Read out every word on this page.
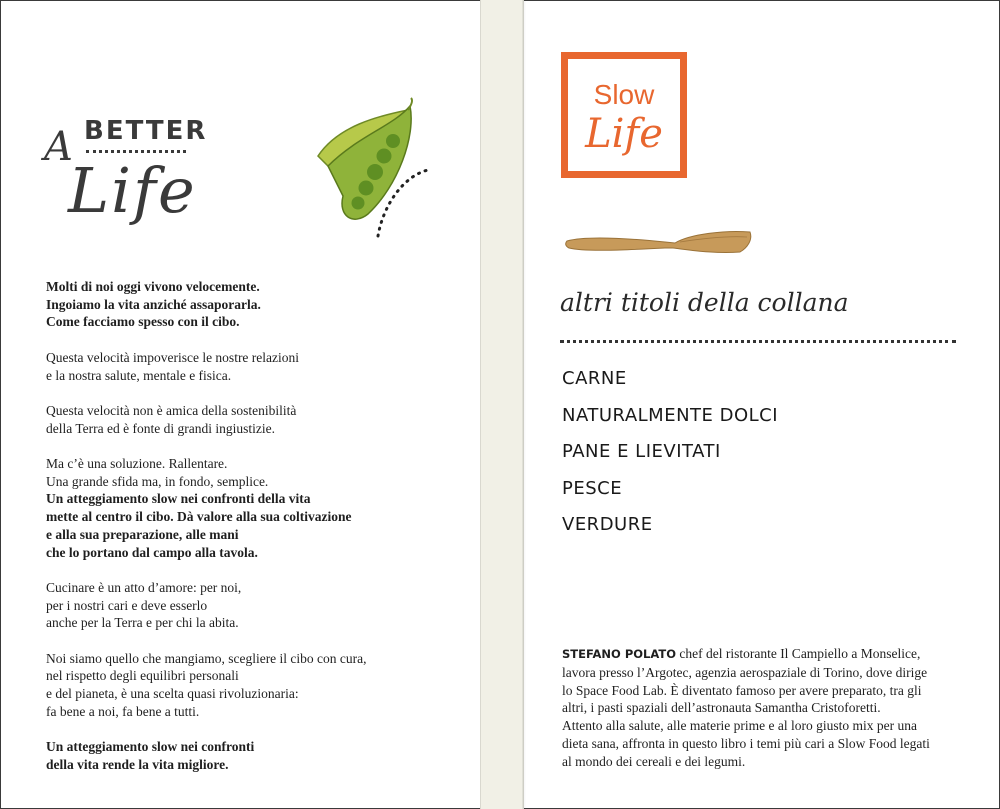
A BETTER
Life

Molti di noi oggi vivono velocemente.
Ingoiamo la vita anziché assaporarla.
Come facciamo spesso con il cibo.

Questa velocità impoverisce le nostre relazioni
e la nostra salute, mentale e fisica.

Questa velocità non è amica della sostenibilità
della Terra ed è fonte di grandi ingiustizie.

Ma c’è una soluzione. Rallentare.
Una grande sfida ma, in fondo, semplice.
Un atteggiamento slow nei confronti della vita
mette al centro il cibo. Dà valore alla sua coltivazione
e alla sua preparazione, alle mani
che lo portano dal campo alla tavola.

Cucinare è un atto d’amore: per noi,
per i nostri cari e deve esserlo
anche per la Terra e per chi la abita.

Noi siamo quello che mangiamo, scegliere il cibo con cura,
nel rispetto degli equilibri personali
e del pianeta, è una scelta quasi rivoluzionaria:
fa bene a noi, fa bene a tutti.

Un atteggiamento slow nei confronti
della vita rende la vita migliore.

Slow
Life
altri titoli della collana
CARNE
NATURALMENTE DOLCI
PANE E LIEVITATI
PESCE
VERDURE
STEFANO POLATO chef del ristorante Il Campiello a Monselice,
lavora presso l’Argotec, agenzia aerospaziale di Torino, dove dirige
lo Space Food Lab. È diventato famoso per avere preparato, tra gli
altri, i pasti spaziali dell’astronauta Samantha Cristoforetti.
Attento alla salute, alle materie prime e al loro giusto mix per una
dieta sana, affronta in questo libro i temi più cari a Slow Food legati
al mondo dei cereali e dei legumi.
